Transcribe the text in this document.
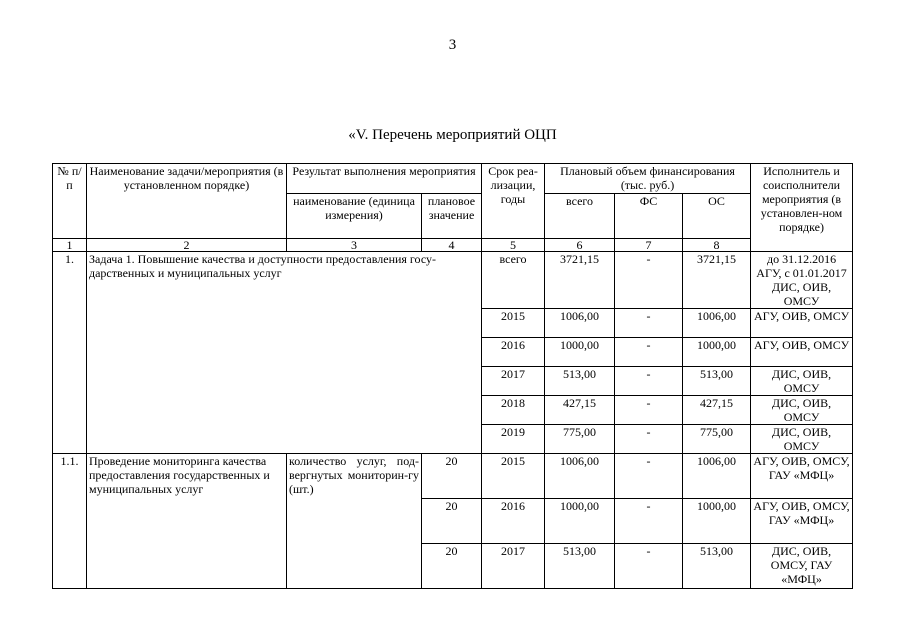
3
«V. Перечень мероприятий ОЦП
№ п/п	Наименование задачи/мероприятия (в установленном порядке)	Результат выполнения мероприятия		Срок реа-лизации, годы	Плановый объем финансирования (тыс. руб.)			Исполнитель и соисполнители мероприятия (в установлен-ном порядке)
		наименование (единица измерения)	плановое значение		всего	ФС	ОС	
1	2	3	4	5	6	7	8	
1.	Задача 1. Повышение качества и доступности предоставления госу-дарственных и муниципальных услуг			всего	3721,15	-	3721,15	до 31.12.2016 АГУ, с 01.01.2017 ДИС, ОИВ, ОМСУ
				2015	1006,00	-	1006,00	АГУ, ОИВ, ОМСУ
				2016	1000,00	-	1000,00	АГУ, ОИВ, ОМСУ
				2017	513,00	-	513,00	ДИС, ОИВ, ОМСУ
				2018	427,15	-	427,15	ДИС, ОИВ, ОМСУ
				2019	775,00	-	775,00	ДИС, ОИВ, ОМСУ
1.1.	Проведение мониторинга качества предоставления государственных и муниципальных услуг	количество услуг, под-вергнутых мониторин-гу (шт.)	20	2015	1006,00	-	1006,00	АГУ, ОИВ, ОМСУ, ГАУ «МФЦ»
			20	2016	1000,00	-	1000,00	АГУ, ОИВ, ОМСУ, ГАУ «МФЦ»
			20	2017	513,00	-	513,00	ДИС, ОИВ, ОМСУ, ГАУ «МФЦ»
